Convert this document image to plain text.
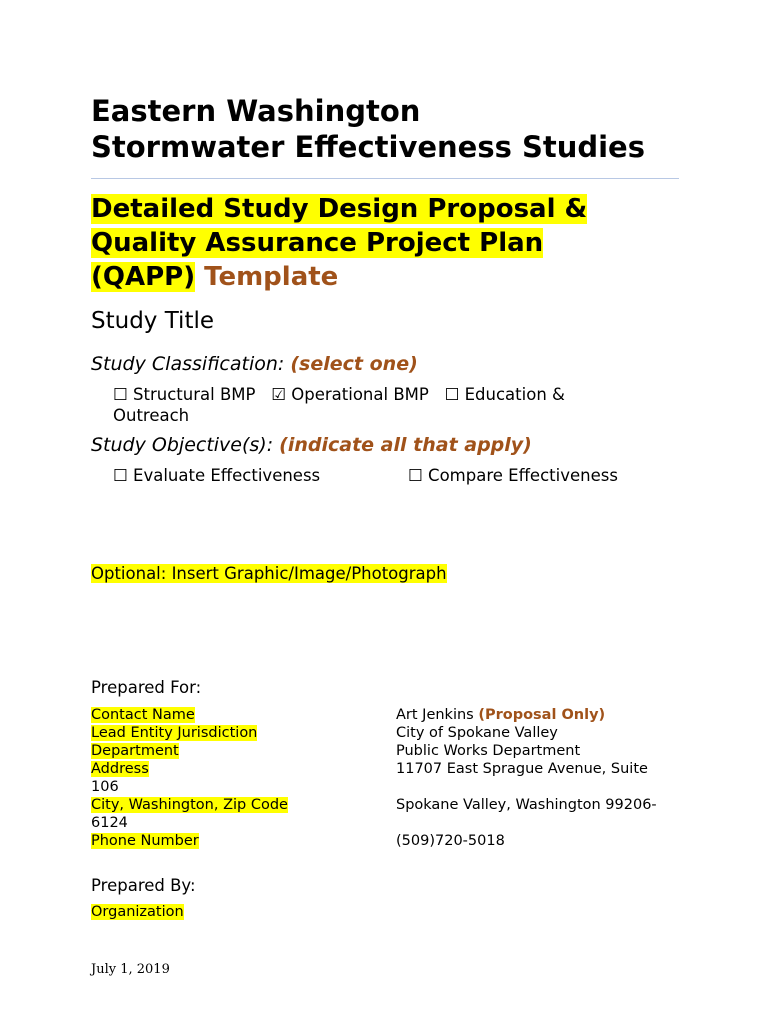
Eastern Washington
Stormwater Effectiveness Studies
Detailed Study Design Proposal &
Quality Assurance Project Plan
(QAPP) Template
Study Title
Study Classification: (select one)
☐ Structural BMP ☑ Operational BMP ☐ Education &
Outreach
Study Objective(s): (indicate all that apply)
☐ Evaluate Effectiveness	☐ Compare Effectiveness
Optional: Insert Graphic/Image/Photograph
Prepared For:
Contact Name
Lead Entity Jurisdiction
Department
Address
106
City, Washington, Zip Code
6124
Phone Number
Art Jenkins (Proposal Only)
City of Spokane Valley
Public Works Department
11707 East Sprague Avenue, Suite
Spokane Valley, Washington 99206-
(509)720-5018
Prepared By:
Organization
July 1, 2019
